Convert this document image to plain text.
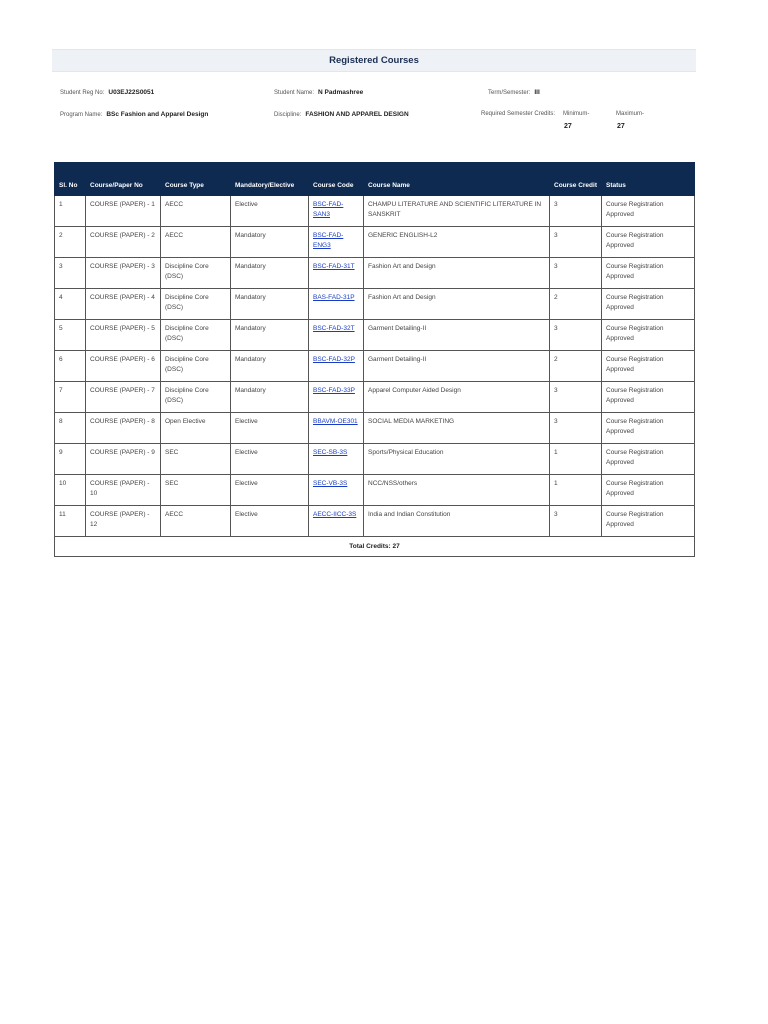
Registered Courses
Student Reg No: U03EJ22S0051	Student Name: N Padmashree	Term/Semester: III
Program Name: BSc Fashion and Apparel Design	Discipline: FASHION AND APPAREL DESIGN	Required Semester Credits: Minimum-	Maximum-
27	27
Sl. No	Course/Paper No	Course Type	Mandatory/Elective	Course Code	Course Name	Course Credit	Status
1	COURSE (PAPER) - 1	AECC	Elective	BSC-FAD-SAN3	CHAMPU LITERATURE AND SCIENTIFIC LITERATURE IN SANSKRIT	3	Course Registration Approved
2	COURSE (PAPER) - 2	AECC	Mandatory	BSC-FAD-ENG3	GENERIC ENGLISH-L2	3	Course Registration Approved
3	COURSE (PAPER) - 3	Discipline Core (DSC)	Mandatory	BSC-FAD-31T	Fashion Art and Design	3	Course Registration Approved
4	COURSE (PAPER) - 4	Discipline Core (DSC)	Mandatory	BAS-FAD-31P	Fashion Art and Design	2	Course Registration Approved
5	COURSE (PAPER) - 5	Discipline Core (DSC)	Mandatory	BSC-FAD-32T	Garment Detailing-II	3	Course Registration Approved
6	COURSE (PAPER) - 6	Discipline Core (DSC)	Mandatory	BSC-FAD-32P	Garment Detailing-II	2	Course Registration Approved
7	COURSE (PAPER) - 7	Discipline Core (DSC)	Mandatory	BSC-FAD-33P	Apparel Computer Aided Design	3	Course Registration Approved
8	COURSE (PAPER) - 8	Open Elective	Elective	BBAVM-OE301	SOCIAL MEDIA MARKETING	3	Course Registration Approved
9	COURSE (PAPER) - 9	SEC	Elective	SEC-SB-3S	Sports/Physical Education	1	Course Registration Approved
10	COURSE (PAPER) - 10	SEC	Elective	SEC-VB-3S	NCC/NSS/others	1	Course Registration Approved
11	COURSE (PAPER) - 12	AECC	Elective	AECC-IICC-3S	India and Indian Constitution	3	Course Registration Approved
Total Credits: 27							
